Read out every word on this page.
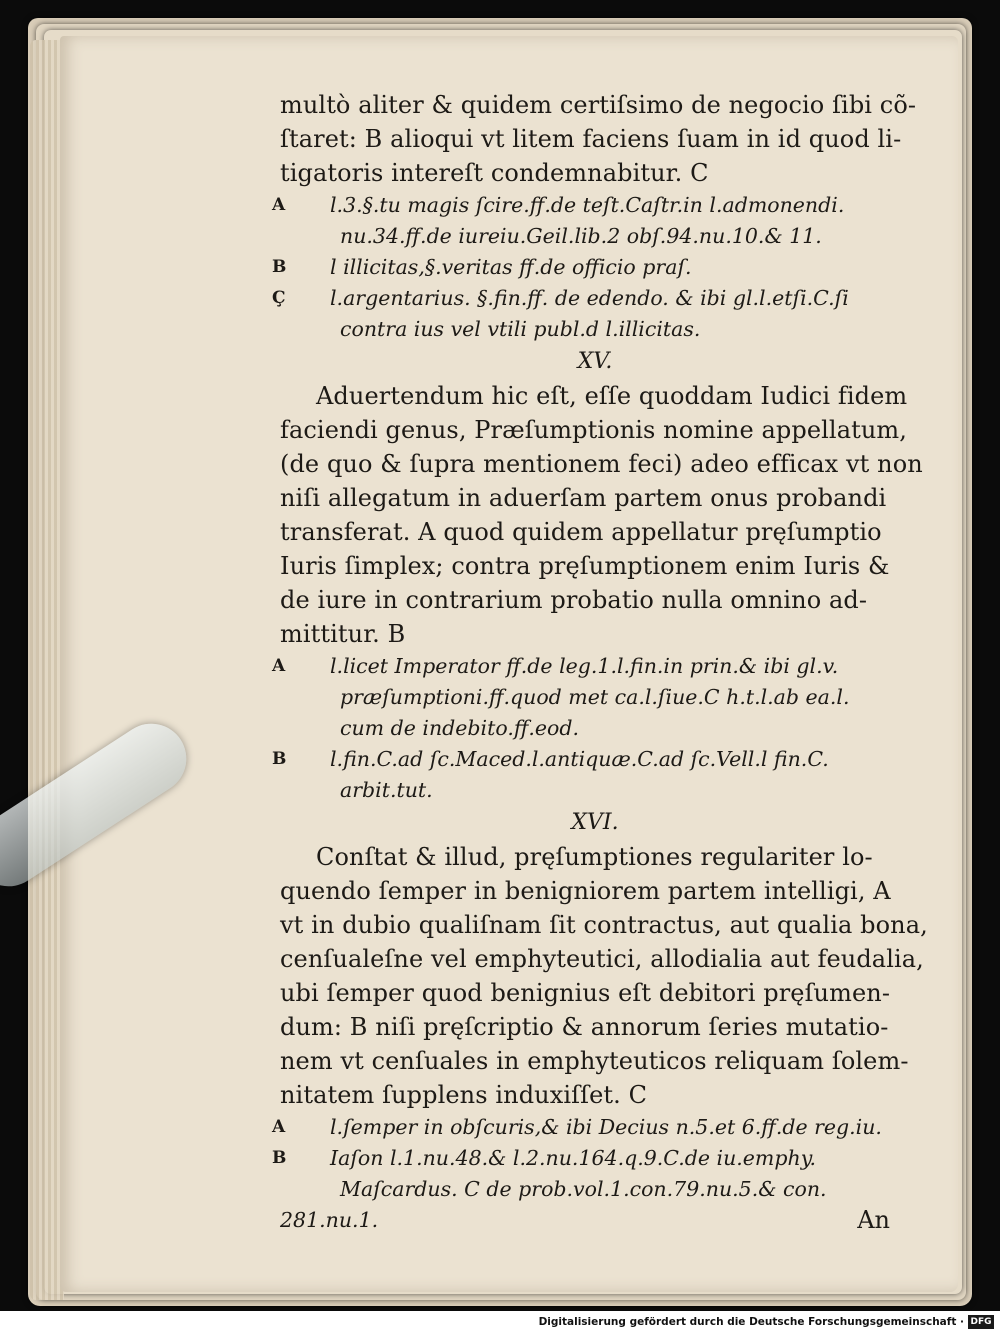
multò aliter & quidem certiſsimo de negocio ſibi cõ-
ſtaret: B alioqui vt litem faciens ſuam in id quod li-
tigatoris intereſt condemnabitur. C
A l.3.§.tu magis ſcire.ff.de teſt.Caſtr.in l.admonendi.
nu.34.ff.de iureiu.Geil.lib.2 obſ.94.nu.10.& 11.
B l illicitas,§.veritas ff.de officio praſ.
Ç l.argentarius. §.fin.ff. de edendo. & ibi gl.l.etſi.C.ſi
contra ius vel vtili publ.d l.illicitas.
XV.
Aduertendum hic eſt, eſſe quoddam Iudici fidem
faciendi genus, Præſumptionis nomine appellatum,
(de quo & ſupra mentionem feci) adeo efficax vt non
niſi allegatum in aduerſam partem onus probandi
transferat. A quod quidem appellatur pręſumptio
Iuris ſimplex; contra pręſumptionem enim Iuris &
de iure in contrarium probatio nulla omnino ad-
mittitur. B
A l.licet Imperator ff.de leg.1.l.fin.in prin.& ibi gl.v.
præſumptioni.ff.quod met ca.l.ſiue.C h.t.l.ab ea.l.
cum de indebito.ff.eod.
B l.fin.C.ad ſc.Maced.l.antiquæ.C.ad ſc.Vell.l fin.C.
arbit.tut.
XVI.
Conſtat & illud, pręſumptiones regulariter lo-
quendo ſemper in benigniorem partem intelligi, A
vt in dubio qualiſnam ſit contractus, aut qualia bona,
cenſualeſne vel emphyteutici, allodialia aut feudalia,
ubi ſemper quod benignius eſt debitori pręſumen-
dum: B niſi pręſcriptio & annorum ſeries mutatio-
nem vt cenſuales in emphyteuticos reliquam ſolem-
nitatem ſupplens induxiſſet. C
A l.ſemper in obſcuris,& ibi Decius n.5.et 6.ff.de reg.iu.
B Iaſon l.1.nu.48.& l.2.nu.164.q.9.C.de iu.emphy.
Maſcardus. C de prob.vol.1.con.79.nu.5.& con.
281.nu.1.	An
Digitalisierung gefördert durch die Deutsche Forschungsgemeinschaft · DFG
